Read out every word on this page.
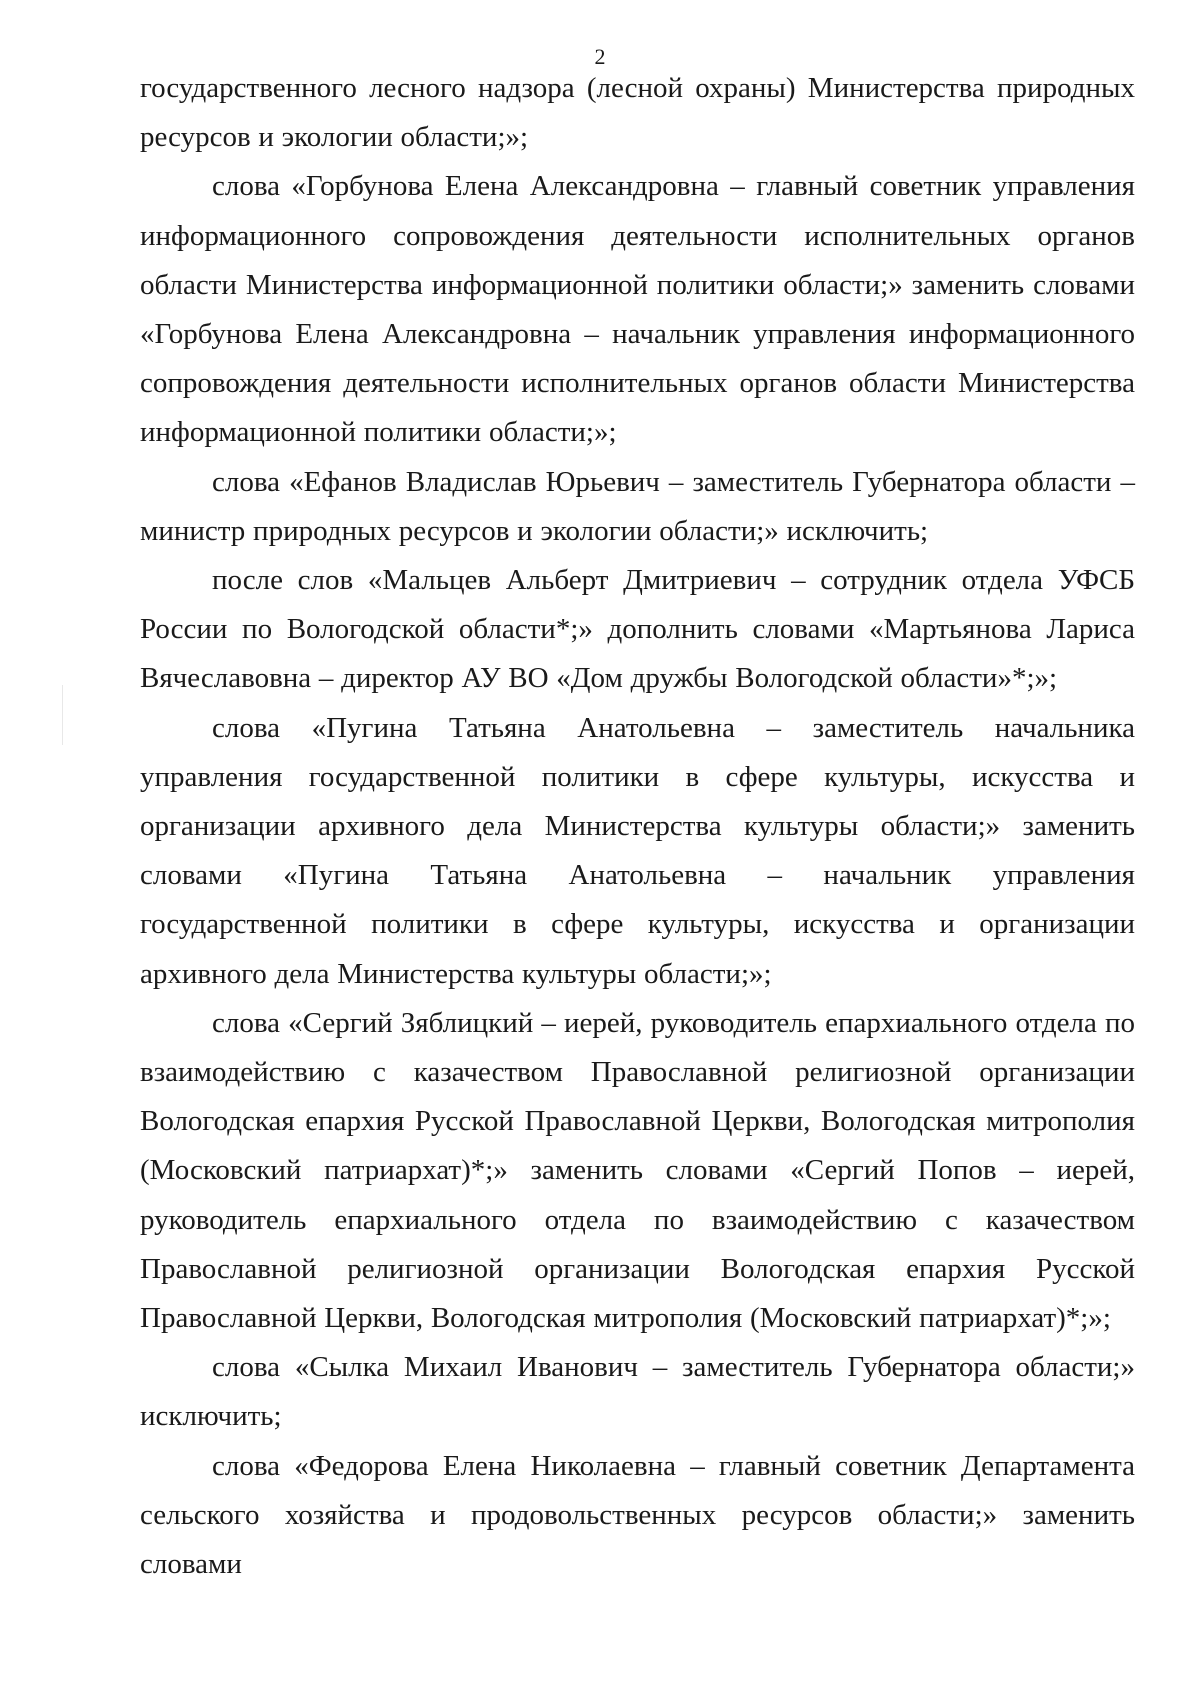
2

государственного лесного надзора (лесной охраны) Министерства природных ресурсов и экологии области;»;

слова «Горбунова Елена Александровна – главный советник управления информационного сопровождения деятельности исполнительных органов области Министерства информационной политики области;» заменить словами «Горбунова Елена Александровна – начальник управления информационного сопровождения деятельности исполнительных органов области Министерства информационной политики области;»;

слова «Ефанов Владислав Юрьевич – заместитель Губернатора области – министр природных ресурсов и экологии области;» исключить;

после слов «Мальцев Альберт Дмитриевич – сотрудник отдела УФСБ России по Вологодской области*;» дополнить словами «Мартьянова Лариса Вячеславовна – директор АУ ВО «Дом дружбы Вологодской области»*;»;

слова «Пугина Татьяна Анатольевна – заместитель начальника управления государственной политики в сфере культуры, искусства и организации архивного дела Министерства культуры области;» заменить словами «Пугина Татьяна Анатольевна – начальник управления государственной политики в сфере культуры, искусства и организации архивного дела Министерства культуры области;»;

слова «Сергий Зяблицкий – иерей, руководитель епархиального отдела по взаимодействию с казачеством Православной религиозной организации Вологодская епархия Русской Православной Церкви, Вологодская митрополия (Московский патриархат)*;» заменить словами «Сергий Попов – иерей, руководитель епархиального отдела по взаимодействию с казачеством Православной религиозной организации Вологодская епархия Русской Православной Церкви, Вологодская митрополия (Московский патриархат)*;»;

слова «Сылка Михаил Иванович – заместитель Губернатора области;» исключить;

слова «Федорова Елена Николаевна – главный советник Департамента сельского хозяйства и продовольственных ресурсов области;» заменить словами
